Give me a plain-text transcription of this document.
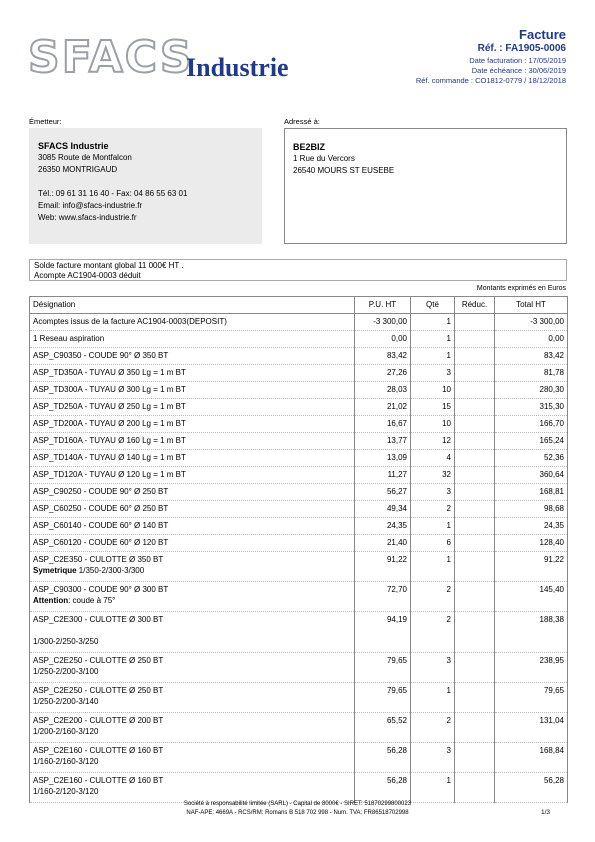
SFACS
Industrie
Facture
Réf. : FA1905-0006
Date facturation : 17/05/2019
Date échéance : 30/06/2019
Réf. commande : CO1812-0779 / 18/12/2018
Émetteur:	Adressé à:
SFACS Industrie
3085 Route de Montfalcon
26350 MONTRIGAUD
Tél.: 09 61 31 16 40 - Fax: 04 86 55 63 01
Email: info@sfacs-industrie.fr
Web: www.sfacs-industrie.fr
BE2BIZ
1 Rue du Vercors
26540 MOURS ST EUSEBE
Solde facture montant global 11 000€ HT .
Acompte AC1904-0003 déduit
Montants exprimés en Euros
Désignation	P.U. HT	Qté	Réduc.	Total HT

Acomptes issus de la facture AC1904-0003(DEPOSIT)	-3 300,00	1		-3 300,00

1 Reseau aspiration	0,00	1		0,00

ASP_C90350 - COUDE 90° Ø 350 BT	83,42	1		83,42

ASP_TD350A - TUYAU Ø 350 Lg = 1 m BT	27,26	3		81,78

ASP_TD300A - TUYAU Ø 300 Lg = 1 m BT	28,03	10		280,30

ASP_TD250A - TUYAU Ø 250 Lg = 1 m BT	21,02	15		315,30

ASP_TD200A - TUYAU Ø 200 Lg = 1 m BT	16,67	10		166,70

ASP_TD160A - TUYAU Ø 160 Lg = 1 m BT	13,77	12		165,24

ASP_TD140A - TUYAU Ø 140 Lg = 1 m BT	13,09	4		52,36

ASP_TD120A - TUYAU Ø 120 Lg = 1 m BT	11,27	32		360,64

ASP_C90250 - COUDE 90° Ø 250 BT	56,27	3		168,81

ASP_C60250 - COUDE 60° Ø 250 BT	49,34	2		98,68

ASP_C60140 - COUDE 60° Ø 140 BT	24,35	1		24,35

ASP_C60120 - COUDE 60° Ø 120 BT	21,40	6		128,40

ASP_C2E350 - CULOTTE Ø 350 BT
Symetrique 1/350-2/300-3/300	91,22	1		91,22

ASP_C90300 - COUDE 90° Ø 300 BT
Attention: coude à 75°	72,70	2		145,40

ASP_C2E300 - CULOTTE Ø 300 BT
1/300-2/250-3/250	94,19	2		188,38

ASP_C2E250 - CULOTTE Ø 250 BT
1/250-2/200-3/100	79,65	3		238,95

ASP_C2E250 - CULOTTE Ø 250 BT
1/250-2/200-3/140	79,65	1		79,65

ASP_C2E200 - CULOTTE Ø 200 BT
1/200-2/160-3/120	65,52	2		131,04

ASP_C2E160 - CULOTTE Ø 160 BT
1/160-2/160-3/120	56,28	3		168,84

ASP_C2E160 - CULOTTE Ø 160 BT
1/160-2/120-3/120	56,28	1		56,28
Société à responsabilité limitée (SARL) - Capital de 8000€ - SIRET: 51870299800023
NAF-APE: 4669A - RCS/RM: Romans B 518 702 998 - Num. TVA: FR86518702998	1/3
